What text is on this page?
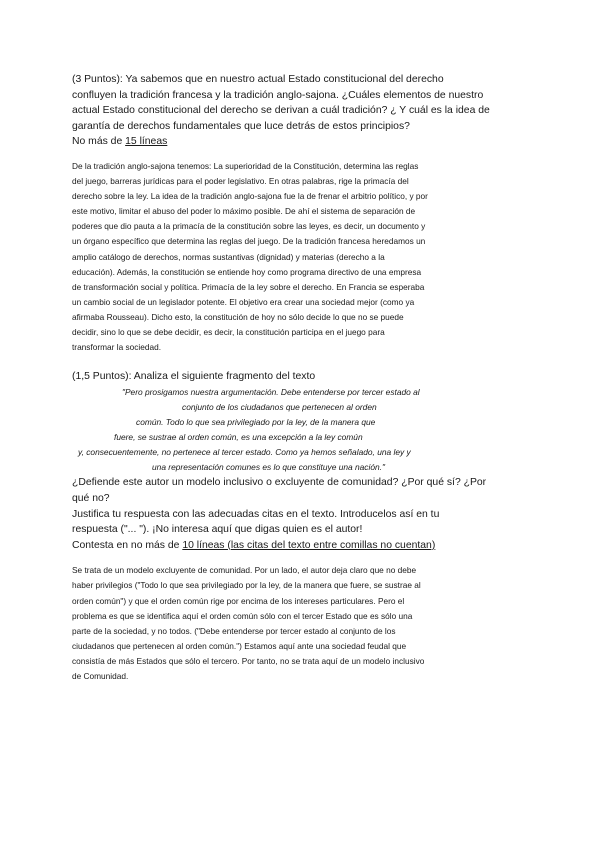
(3 Puntos): Ya sabemos que en nuestro actual Estado constitucional del derecho
confluyen la tradición francesa y la tradición anglo-sajona. ¿Cuáles elementos de nuestro
actual Estado constitucional del derecho se derivan a cuál tradición? ¿ Y cuál es la idea de
garantía de derechos fundamentales que luce detrás de estos principios?
No más de 15 líneas
De la tradición anglo-sajona tenemos: La superioridad de la Constitución, determina las reglas
del juego, barreras jurídicas para el poder legislativo. En otras palabras, rige la primacía del
derecho sobre la ley. La idea de la tradición anglo-sajona fue la de frenar el arbitrio político, y por
este motivo, limitar el abuso del poder lo máximo posible. De ahí el sistema de separación de
poderes que dio pauta a la primacía de la constitución sobre las leyes, es decir, un documento y
un órgano específico que determina las reglas del juego. De la tradición francesa heredamos un
amplio catálogo de derechos, normas sustantivas (dignidad) y materias (derecho a la
educación). Además, la constitución se entiende hoy como programa directivo de una empresa
de transformación social y política. Primacía de la ley sobre el derecho. En Francia se esperaba
un cambio social de un legislador potente. El objetivo era crear una sociedad mejor (como ya
afirmaba Rousseau). Dicho esto, la constitución de hoy no sólo decide lo que no se puede
decidir, sino lo que se debe decidir, es decir, la constitución participa en el juego para
transformar la sociedad.
(1,5 Puntos): Analiza el siguiente fragmento del texto
"Pero prosigamos nuestra argumentación. Debe entenderse por tercer estado al
conjunto de los ciudadanos que pertenecen al orden
común. Todo lo que sea privilegiado por la ley, de la manera que
fuere, se sustrae al orden común, es una excepción a la ley común
y, consecuentemente, no pertenece al tercer estado. Como ya hemos señalado, una ley y
una representación comunes es lo que constituye una nación."
¿Defiende este autor un modelo inclusivo o excluyente de comunidad? ¿Por qué sí? ¿Por
qué no?
Justifica tu respuesta con las adecuadas citas en el texto. Introducelos así en tu
respuesta ("... "). ¡No interesa aquí que digas quien es el autor!
Contesta en no más de 10 líneas (las citas del texto entre comillas no cuentan)
Se trata de un modelo excluyente de comunidad. Por un lado, el autor deja claro que no debe
haber privilegios ("Todo lo que sea privilegiado por la ley, de la manera que fuere, se sustrae al
orden común") y que el orden común rige por encima de los intereses particulares. Pero el
problema es que se identifica aquí el orden común sólo con el tercer Estado que es sólo una
parte de la sociedad, y no todos. ("Debe entenderse por tercer estado al conjunto de los
ciudadanos que pertenecen al orden común.") Estamos aquí ante una sociedad feudal que
consistía de más Estados que sólo el tercero. Por tanto, no se trata aquí de un modelo inclusivo
de Comunidad.
